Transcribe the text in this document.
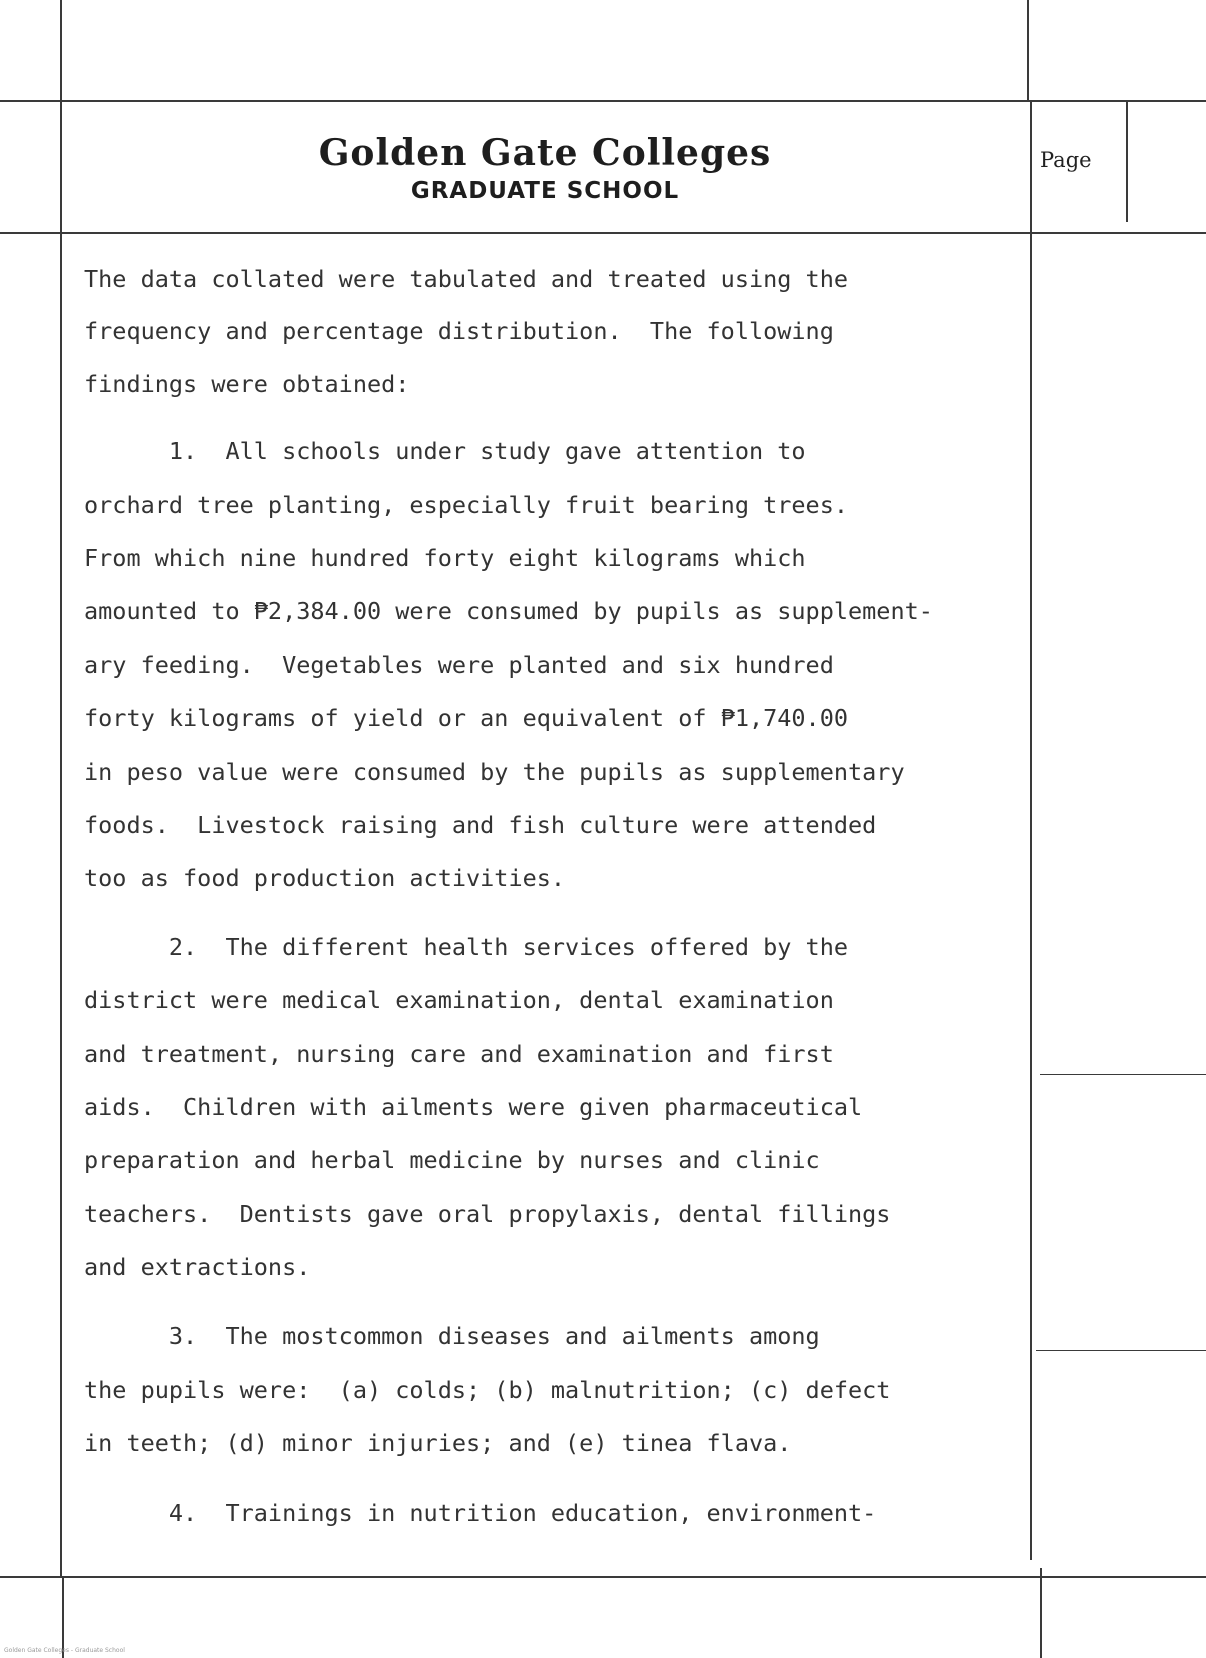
Golden Gate Colleges
GRADUATE SCHOOL
Page
The data collated were tabulated and treated using the
frequency and percentage distribution.  The following
findings were obtained:
1.  All schools under study gave attention to
orchard tree planting, especially fruit bearing trees.
From which nine hundred forty eight kilograms which
amounted to ₱2,384.00 were consumed by pupils as supplement-
ary feeding.  Vegetables were planted and six hundred
forty kilograms of yield or an equivalent of ₱1,740.00
in peso value were consumed by the pupils as supplementary
foods.  Livestock raising and fish culture were attended
too as food production activities.
2.  The different health services offered by the
district were medical examination, dental examination
and treatment, nursing care and examination and first
aids.  Children with ailments were given pharmaceutical
preparation and herbal medicine by nurses and clinic
teachers.  Dentists gave oral propylaxis, dental fillings
and extractions.
3.  The mostcommon diseases and ailments among
the pupils were:  (a) colds; (b) malnutrition; (c) defect
in teeth; (d) minor injuries; and (e) tinea flava.
4.  Trainings in nutrition education, environment-
Golden Gate Colleges - Graduate School
